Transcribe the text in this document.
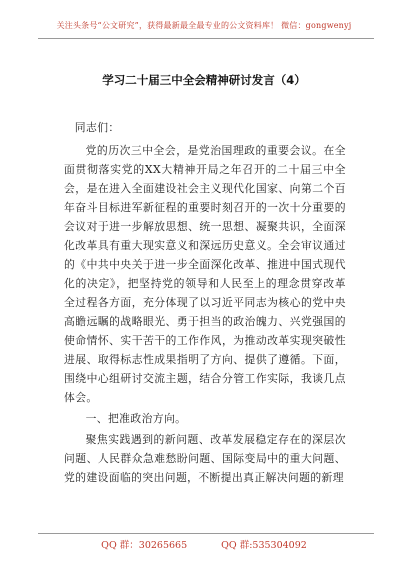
关注头条号“公文研究”，获得最新最全最专业的公文资料库！ 微信：gongwenyj
学习二十届三中全会精神研讨发言（4）

同志们：

党的历次三中全会，是党治国理政的重要会议。在全面贯彻落实党的XX大精神开局之年召开的二十届三中全会，是在进入全面建设社会主义现代化国家、向第二个百年奋斗目标进军新征程的重要时刻召开的一次十分重要的会议对于进一步解放思想、统一思想、凝聚共识，全面深化改革具有重大现实意义和深远历史意义。全会审议通过的《中共中央关于进一步全面深化改革、推进中国式现代化的决定》，把坚持党的领导和人民至上的理念贯穿改革全过程各方面，充分体现了以习近平同志为核心的党中央高瞻远瞩的战略眼光、勇于担当的政治魄力、兴党强国的使命情怀、实干苦干的工作作风，为推动改革实现突破性进展、取得标志性成果指明了方向、提供了遵循。下面，围绕中心组研讨交流主题，结合分管工作实际，我谈几点体会。

一、把准政治方向。

聚焦实践遇到的新问题、改革发展稳定存在的深层次问题、人民群众急难愁盼问题、国际变局中的重大问题、党的建设面临的突出问题，不断提出真正解决问题的新理

QQ 群：30265665	QQ 群:535304092
